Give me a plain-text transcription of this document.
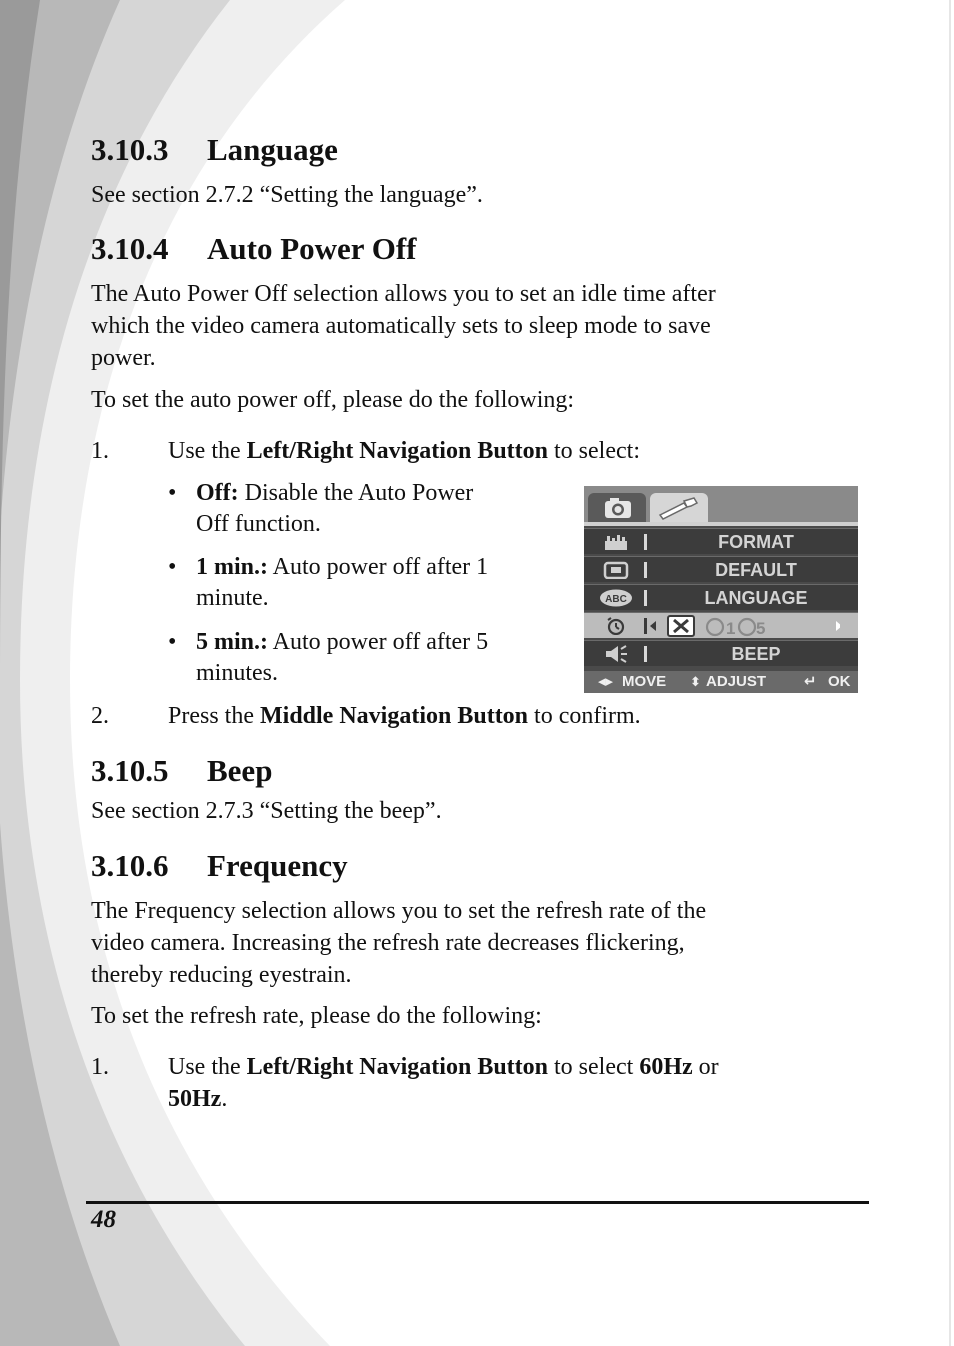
3.10.3 Language

See section 2.7.2 “Setting the language”.

3.10.4 Auto Power Off

The Auto Power Off selection allows you to set an idle time after

which the video camera automatically sets to sleep mode to save

power.

To set the auto power off, please do the following:

1. Use the Left/Right Navigation Button to select:
• Off: Disable the Auto Power
Off function.
• 1 min.: Auto power off after 1
minute.
• 5 min.: Auto power off after 5
minutes.
FORMAT
DEFAULT
ABC	LANGUAGE
1 5
BEEP
◂▸ MOVE ⬍ ADJUST	↵ OK
2. Press the Middle Navigation Button to confirm.
3.10.5 Beep

See section 2.7.3 “Setting the beep”.

3.10.6 Frequency

The Frequency selection allows you to set the refresh rate of the

video camera. Increasing the refresh rate decreases flickering,

thereby reducing eyestrain.

To set the refresh rate, please do the following:

1. Use the Left/Right Navigation Button to select 60Hz or
50Hz.
48
